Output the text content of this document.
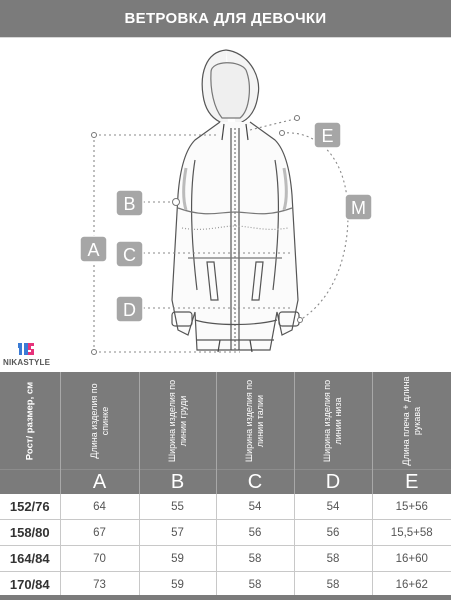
ВЕТРОВКА ДЛЯ ДЕВОЧКИ
A
B
C
D
E
M
NIKASTYLE
Рост/ размер, см	Длина изделия по спинке	Ширина изделия по линии груди	Ширина изделия по линии талии	Ширина изделия по линии низа	Длина плеча + длина рукава

	A	B	C	D	E
152/76	64	55	54	54	15+56
158/80	67	57	56	56	15,5+58
164/84	70	59	58	58	16+60
170/84	73	59	58	58	16+62
